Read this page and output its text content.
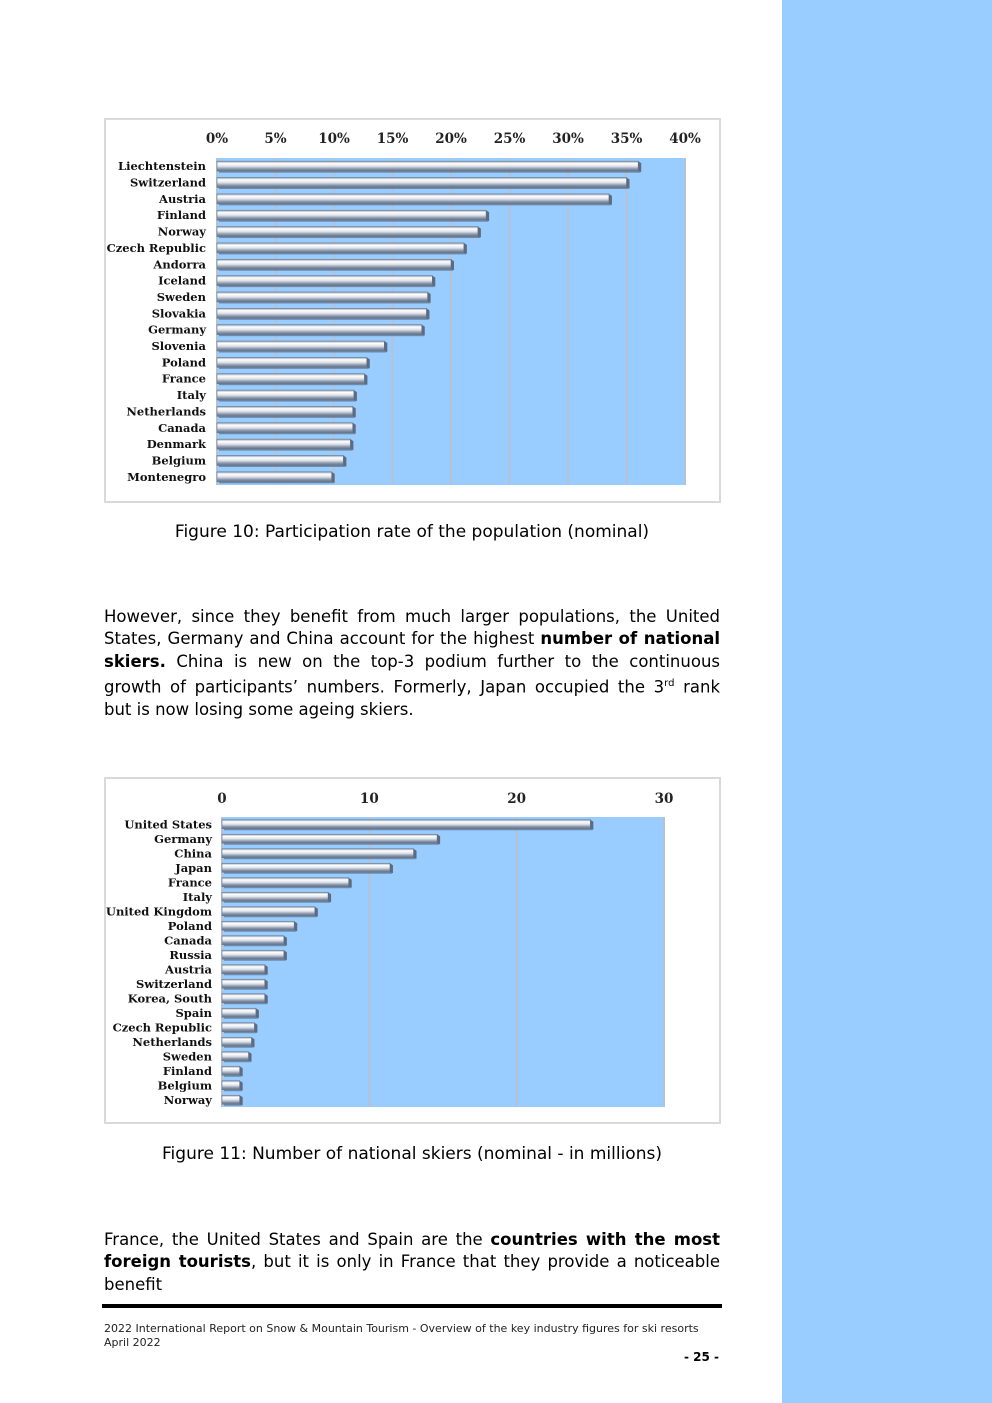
0%	5% 10% 15% 20% 25% 30% 35% 40%
Liechtenstein
Switzerland
Austria
Finland
Norway
Czech Republic
Andorra
Iceland
Sweden
Slovakia
Germany
Slovenia
Poland
France
Italy
Netherlands
Canada
Denmark
Belgium
Montenegro
Figure 10: Participation rate of the population (nominal)
However, since they benefit from much larger populations, the United States, Germany and China account for the highest number of national skiers. China is new on the top-3 podium further to the continuous growth of participants’ numbers. Formerly, Japan occupied the 3rd rank but is now losing some ageing skiers.
0	10	20	30
United States
Germany
China
Japan
France
Italy
United Kingdom
Poland
Canada
Russia
Austria
Switzerland
Korea, South
Spain
Czech Republic
Netherlands
Sweden
Finland
Belgium
Norway
Figure 11: Number of national skiers (nominal - in millions)
France, the United States and Spain are the countries with the most foreign tourists, but it is only in France that they provide a noticeable benefit
2022 International Report on Snow & Mountain Tourism - Overview of the key industry figures for ski resorts
April 2022
- 25 -
